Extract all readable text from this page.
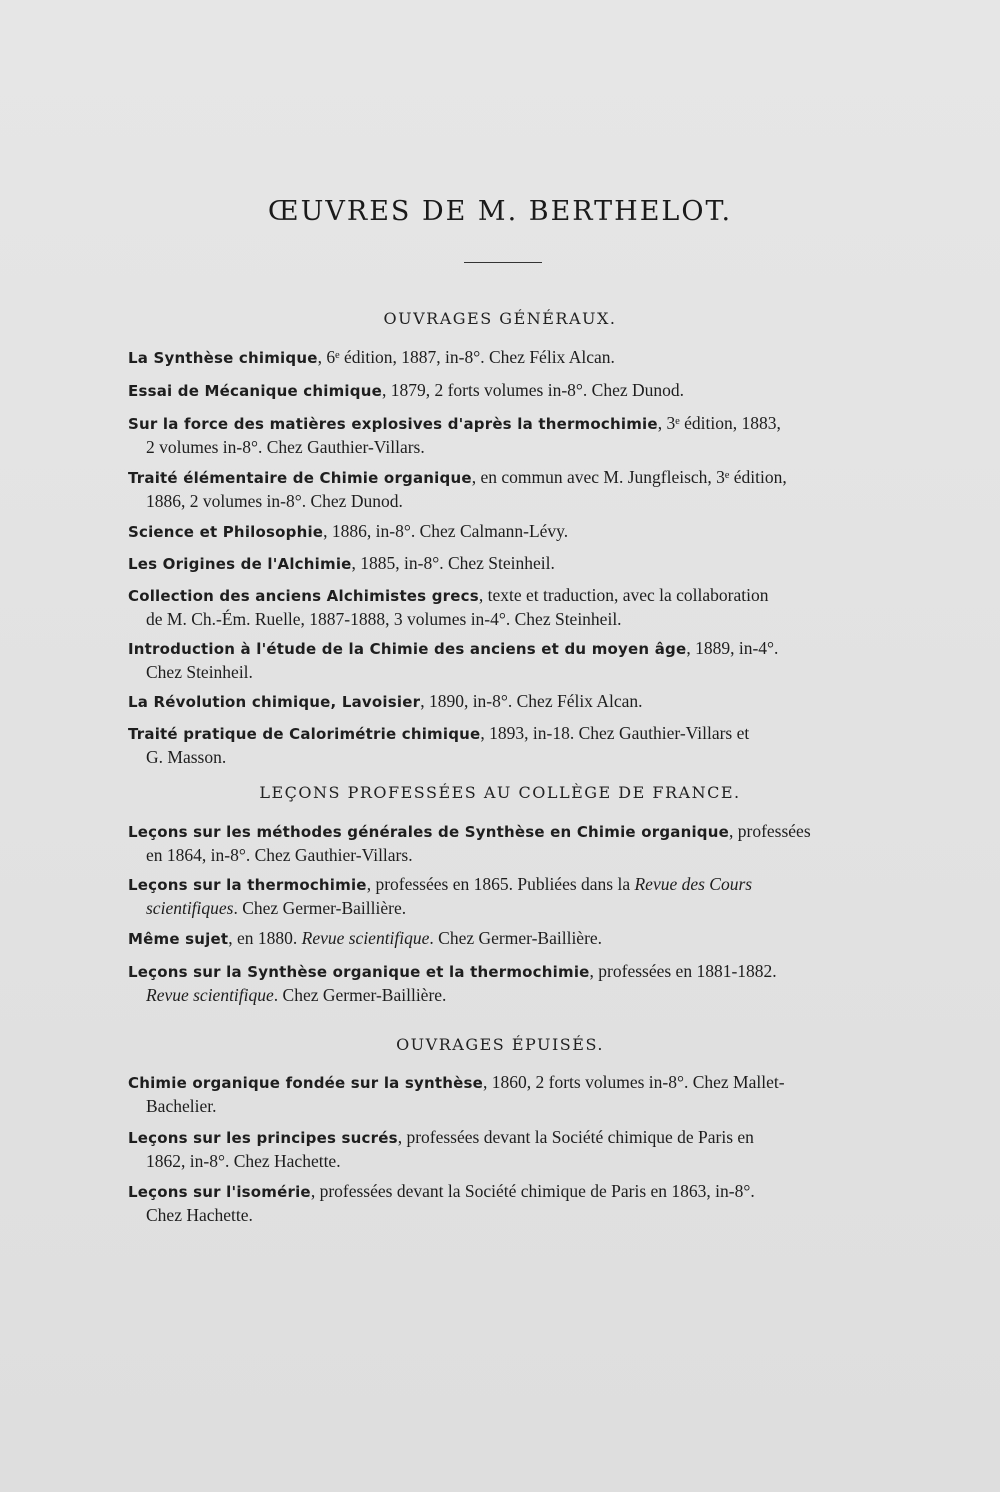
ŒUVRES DE M. BERTHELOT.
OUVRAGES GÉNÉRAUX.
La Synthèse chimique, 6ᵉ édition, 1887, in-8°. Chez Félix Alcan.
Essai de Mécanique chimique, 1879, 2 forts volumes in-8°. Chez Dunod.
Sur la force des matières explosives d'après la thermochimie, 3ᵉ édition, 1883,
2 volumes in-8°. Chez Gauthier-Villars.
Traité élémentaire de Chimie organique, en commun avec M. Jungfleisch, 3ᵉ édition,
1886, 2 volumes in-8°. Chez Dunod.
Science et Philosophie, 1886, in-8°. Chez Calmann-Lévy.
Les Origines de l'Alchimie, 1885, in-8°. Chez Steinheil.
Collection des anciens Alchimistes grecs, texte et traduction, avec la collaboration
de M. Ch.-Ém. Ruelle, 1887-1888, 3 volumes in-4°. Chez Steinheil.
Introduction à l'étude de la Chimie des anciens et du moyen âge, 1889, in-4°.
Chez Steinheil.
La Révolution chimique, Lavoisier, 1890, in-8°. Chez Félix Alcan.
Traité pratique de Calorimétrie chimique, 1893, in-18. Chez Gauthier-Villars et
G. Masson.
LEÇONS PROFESSÉES AU COLLÈGE DE FRANCE.
Leçons sur les méthodes générales de Synthèse en Chimie organique, professées
en 1864, in-8°. Chez Gauthier-Villars.
Leçons sur la thermochimie, professées en 1865. Publiées dans la Revue des Cours
scientifiques. Chez Germer-Baillière.
Même sujet, en 1880. Revue scientifique. Chez Germer-Baillière.
Leçons sur la Synthèse organique et la thermochimie, professées en 1881-1882.
Revue scientifique. Chez Germer-Baillière.
OUVRAGES ÉPUISÉS.
Chimie organique fondée sur la synthèse, 1860, 2 forts volumes in-8°. Chez Mallet-
Bachelier.
Leçons sur les principes sucrés, professées devant la Société chimique de Paris en
1862, in-8°. Chez Hachette.
Leçons sur l'isomérie, professées devant la Société chimique de Paris en 1863, in-8°.
Chez Hachette.
